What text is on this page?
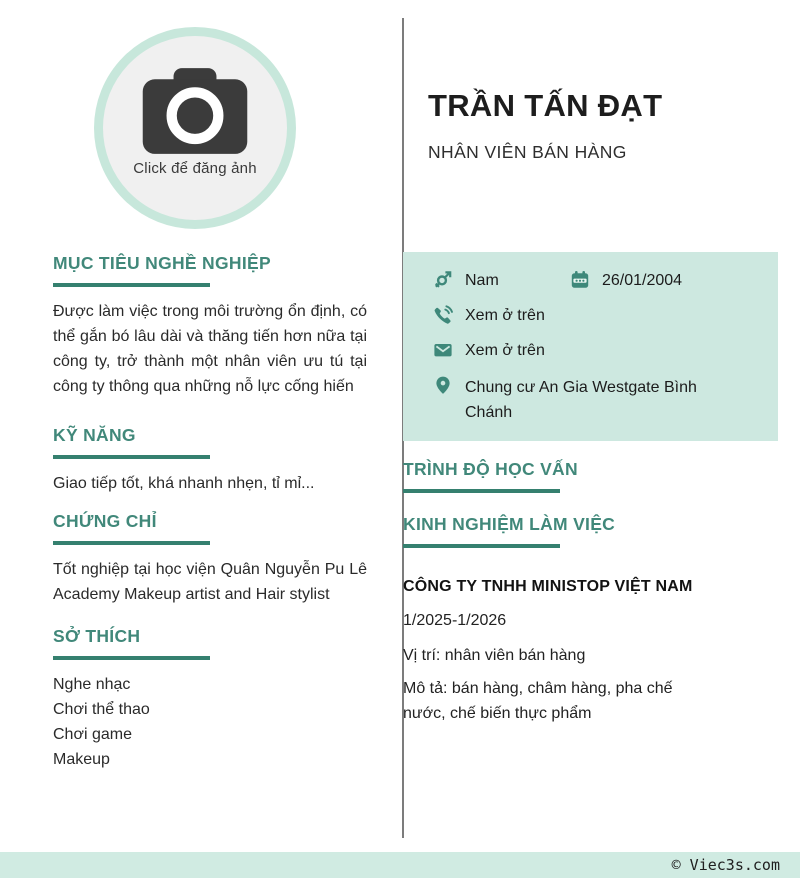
Click để đăng ảnh
TRẦN TẤN ĐẠT
NHÂN VIÊN BÁN HÀNG
MỤC TIÊU NGHỀ NGHIỆP

Được làm việc trong môi trường ổn định, có thể gắn bó lâu dài và thăng tiến hơn nữa tại công ty, trở thành một nhân viên ưu tú tại công ty thông qua những nỗ lực cống hiến

KỸ NĂNG

Giao tiếp tốt, khá nhanh nhẹn, tỉ mỉ...

CHỨNG CHỈ

Tốt nghiệp tại học viện Quân Nguyễn Pu Lê Academy Makeup artist and Hair stylist

SỞ THÍCH

Nghe nhạc

Chơi thể thao

Chơi game

Makeup

Nam	26/01/2004
Xem ở trên
Xem ở trên
Chung cư An Gia Westgate Bình Chánh
TRÌNH ĐỘ HỌC VẤN
KINH NGHIỆM LÀM VIỆC
CÔNG TY TNHH MINISTOP VIỆT NAM
1/2025-1/2026
Vị trí: nhân viên bán hàng
Mô tả: bán hàng, châm hàng, pha chế nước, chế biến thực phẩm
© Viec3s.com
